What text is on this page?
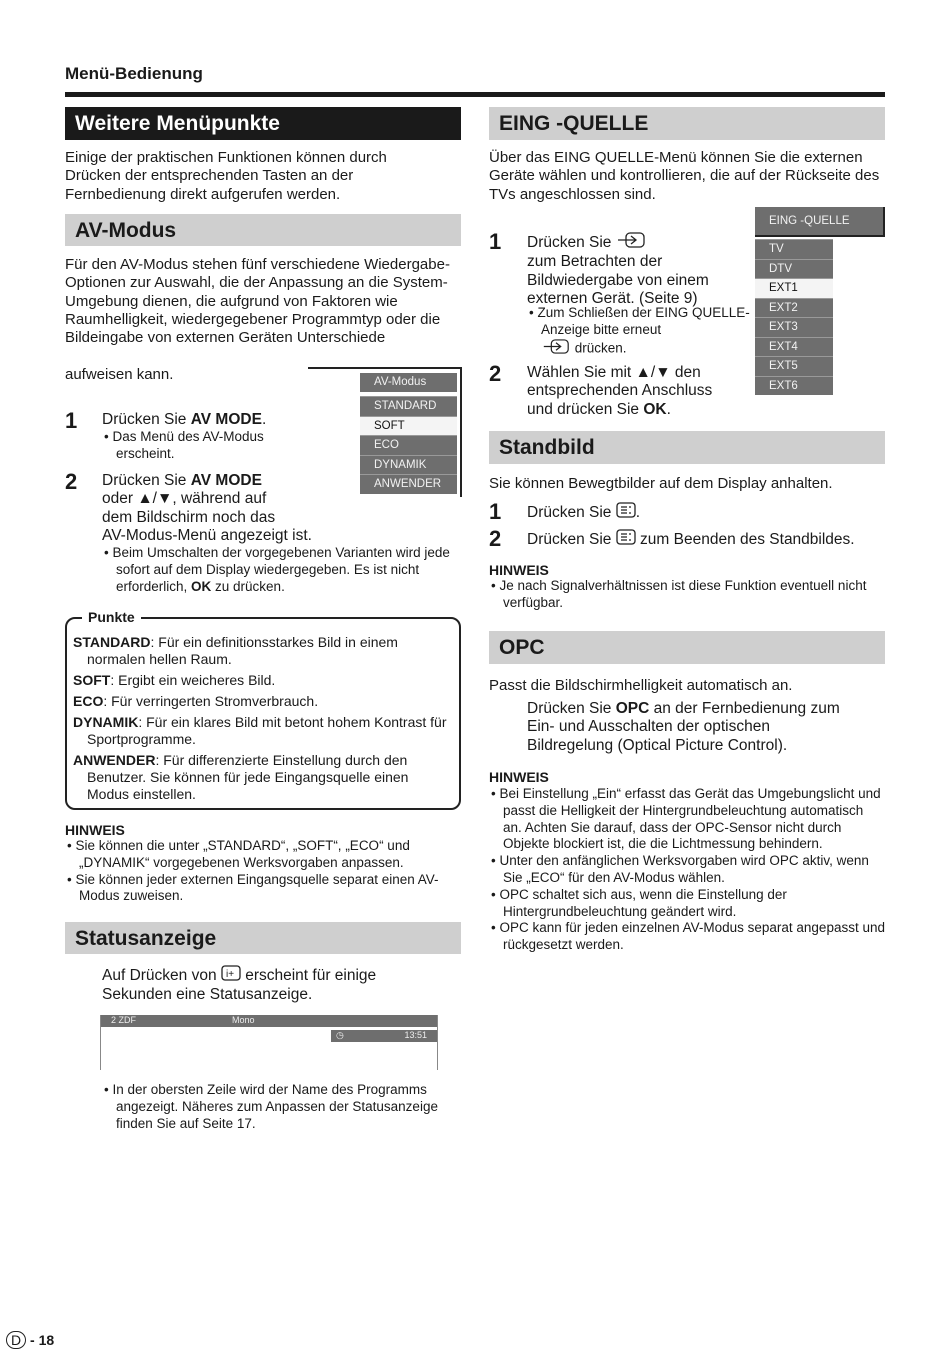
Menü-Bedienung
Weitere Menüpunkte
Einige der praktischen Funktionen können durch Drücken der entsprechenden Tasten an der Fernbedienung direkt aufgerufen werden.
AV-Modus
Für den AV-Modus stehen fünf verschiedene Wiedergabe-Optionen zur Auswahl, die der Anpassung an die System-Umgebung dienen, die aufgrund von Faktoren wie Raumhelligkeit, wiedergegebener Programmtyp oder die Bildeingabe von externen Geräten Unterschiede
aufweisen kann.	AV-Modus
STANDARD
SOFT
ECO
DYNAMIK
ANWENDER
1 Drücken Sie AV MODE.
• Das Menü des AV-Modus erscheint.
2 Drücken Sie AV MODE
oder ▲/▼, während auf
dem Bildschirm noch das
AV-Modus-Menü angezeigt ist.
• Beim Umschalten der vorgegebenen Varianten wird jede sofort auf dem Display wiedergegeben. Es ist nicht erforderlich, OK zu drücken.
Punkte
STANDARD: Für ein definitionsstarkes Bild in einem normalen hellen Raum.
SOFT: Ergibt ein weicheres Bild.
ECO: Für verringerten Stromverbrauch.
DYNAMIK: Für ein klares Bild mit betont hohem Kontrast für Sportprogramme.
ANWENDER: Für differenzierte Einstellung durch den Benutzer. Sie können für jede Eingangsquelle einen Modus einstellen.
HINWEIS
• Sie können die unter „STANDARD“, „SOFT“, „ECO“ und „DYNAMIK“ vorgegebenen Werksvorgaben anpassen.
• Sie können jeder externen Eingangsquelle separat einen AV-Modus zuweisen.
Statusanzeige
Auf Drücken von i+ erscheint für einige Sekunden eine Statusanzeige.
2 ZDF	Mono
◷	13:51
• In der obersten Zeile wird der Name des Programms angezeigt. Näheres zum Anpassen der Statusanzeige finden Sie auf Seite 17.
EING -QUELLE
Über das EING QUELLE-Menü können Sie die externen Geräte wählen und kontrollieren, die auf der Rückseite des TVs angeschlossen sind.
EING -QUELLE
TV
DTV
EXT1
EXT2
EXT3
EXT4
EXT5
EXT6
1 Drücken Sie
zum Betrachten der
Bildwiedergabe von einem
externen Gerät. (Seite 9)
• Zum Schließen der EING QUELLE-Anzeige bitte erneut
drücken.
2 Wählen Sie mit ▲/▼ den
entsprechenden Anschluss
und drücken Sie OK.
Standbild
Sie können Bewegtbilder auf dem Display anhalten.
1 Drücken Sie .
2 Drücken Sie  zum Beenden des Standbildes.
HINWEIS
• Je nach Signalverhältnissen ist diese Funktion eventuell nicht verfügbar.
OPC
Passt die Bildschirmhelligkeit automatisch an.
Drücken Sie OPC an der Fernbedienung zum Ein- und Ausschalten der optischen Bildregelung (Optical Picture Control).
HINWEIS
• Bei Einstellung „Ein“ erfasst das Gerät das Umgebungslicht und passt die Helligkeit der Hintergrundbeleuchtung automatisch an. Achten Sie darauf, dass der OPC-Sensor nicht durch Objekte blockiert ist, die die Lichtmessung behindern.
• Unter den anfänglichen Werksvorgaben wird OPC aktiv, wenn Sie „ECO“ für den AV-Modus wählen.
• OPC schaltet sich aus, wenn die Einstellung der Hintergrundbeleuchtung geändert wird.
• OPC kann für jeden einzelnen AV-Modus separat angepasst und rückgesetzt werden.
D - 18
